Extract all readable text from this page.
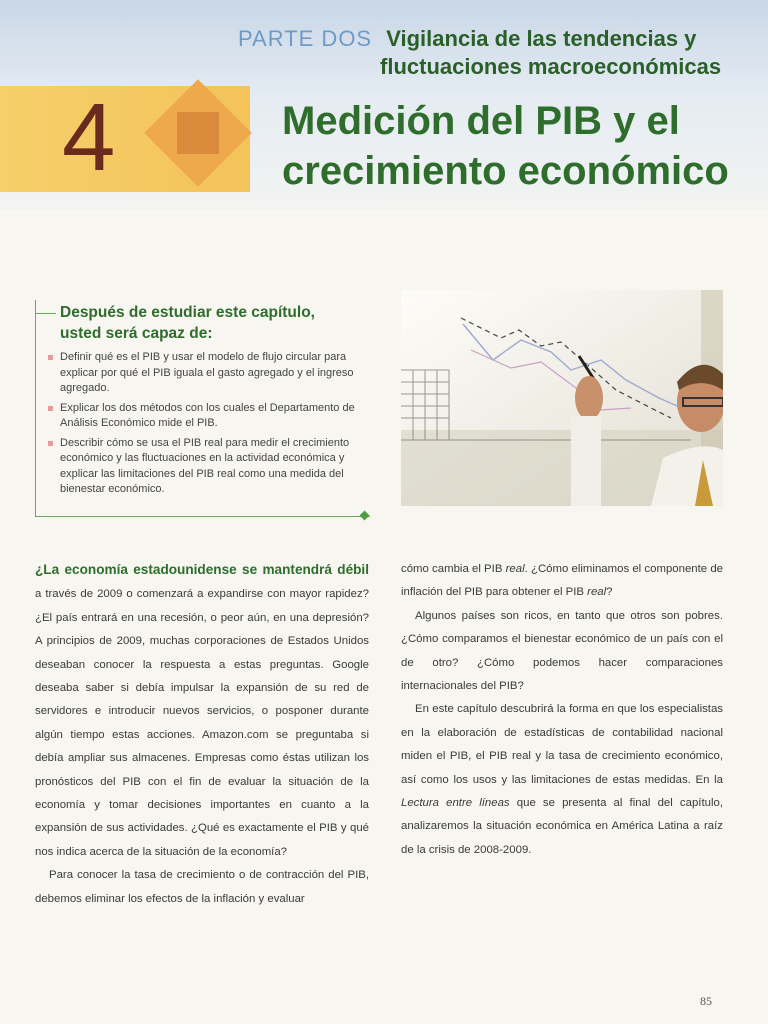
PARTE DOS Vigilancia de las tendencias y
fluctuaciones macroeconómicas
4	Medición del PIB y el
crecimiento económico
Después de estudiar este capítulo,
usted será capaz de:
Definir qué es el PIB y usar el modelo de flujo circular para explicar por qué el PIB iguala el gasto agregado y el ingreso agregado.
Explicar los dos métodos con los cuales el Departamento de Análisis Económico mide el PIB.
Describir cómo se usa el PIB real para medir el crecimiento económico y las fluctuaciones en la actividad económica y explicar las limitaciones del PIB real como una medida del bienestar económico.

¿La economía estadounidense se mantendrá débil a través de 2009 o comenzará a expandirse con mayor rapidez? ¿El país entrará en una recesión, o peor aún, en una depresión? A principios de 2009, muchas corporaciones de Estados Unidos deseaban conocer la respuesta a estas preguntas. Google deseaba saber si debía impulsar la expansión de su red de servidores e introducir nuevos servicios, o posponer durante algún tiempo estas acciones. Amazon.com se preguntaba si debía ampliar sus almacenes. Empresas como éstas utilizan los pronósticos del PIB con el fin de evaluar la situación de la economía y tomar decisiones importantes en cuanto a la expansión de sus actividades. ¿Qué es exactamente el PIB y qué nos indica acerca de la situación de la economía?

Para conocer la tasa de crecimiento o de contracción del PIB, debemos eliminar los efectos de la inflación y evaluar

cómo cambia el PIB real. ¿Cómo eliminamos el componente de inflación del PIB para obtener el PIB real?

Algunos países son ricos, en tanto que otros son pobres. ¿Cómo comparamos el bienestar económico de un país con el de otro? ¿Cómo podemos hacer comparaciones internacionales del PIB?

En este capítulo descubrirá la forma en que los especialistas en la elaboración de estadísticas de contabilidad nacional miden el PIB, el PIB real y la tasa de crecimiento económico, así como los usos y las limitaciones de estas medidas. En la Lectura entre líneas que se presenta al final del capítulo, analizaremos la situación económica en América Latina a raíz de la crisis de 2008-2009.

85
